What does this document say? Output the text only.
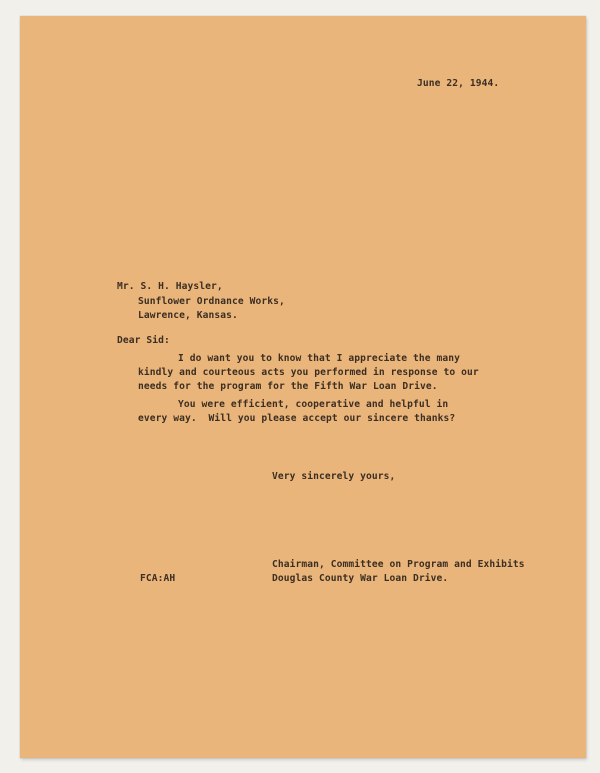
June 22, 1944.
Mr. S. H. Haysler,
Sunflower Ordnance Works,
Lawrence, Kansas.
Dear Sid:
I do want you to know that I appreciate the many
kindly and courteous acts you performed in response to our
needs for the program for the Fifth War Loan Drive.
You were efficient, cooperative and helpful in
every way.  Will you please accept our sincere thanks?
Very sincerely yours,
Chairman, Committee on Program and Exhibits
Douglas County War Loan Drive.
FCA:AH
